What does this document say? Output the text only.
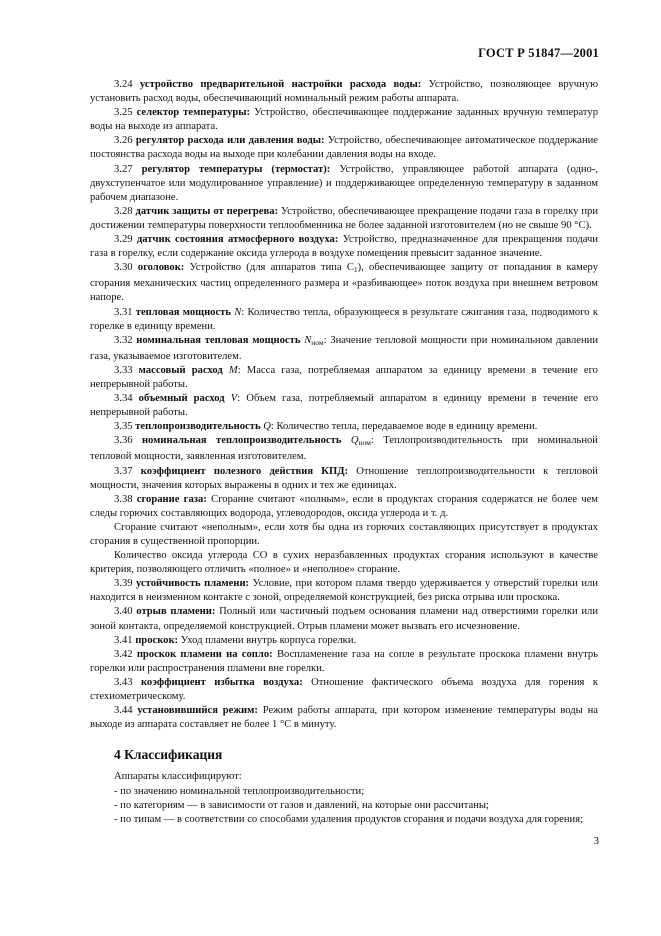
ГОСТ Р 51847—2001

3.24 устройство предварительной настройки расхода воды: Устройство, позволяющее вручную установить расход воды, обеспечивающий номинальный режим работы аппарата.

3.25 селектор температуры: Устройство, обеспечивающее поддержание заданных вручную температур воды на выходе из аппарата.

3.26 регулятор расхода или давления воды: Устройство, обеспечивающее автоматическое поддержание постоянства расхода воды на выходе при колебании давления воды на входе.

3.27 регулятор температуры (термостат): Устройство, управляющее работой аппарата (одно-, двухступенчатое или модулированное управление) и поддерживающее определенную температуру в заданном рабочем диапазоне.

3.28 датчик защиты от перегрева: Устройство, обеспечивающее прекращение подачи газа в горелку при достижении температуры поверхности теплообменника не более заданной изготовителем (но не свыше 90 °С).

3.29 датчик состояния атмосферного воздуха: Устройство, предназначенное для прекращения подачи газа в горелку, если содержание оксида углерода в воздухе помещения превысит заданное значение.

3.30 оголовок: Устройство (для аппаратов типа $С_1$), обеспечивающее защиту от попадания в камеру сгорания механических частиц определенного размера и «разбивающее» поток воздуха при внешнем ветровом напоре.

3.31 тепловая мощность N: Количество тепла, образующееся в результате сжигания газа, подводимого к горелке в единицу времени.

3.32 номинальная тепловая мощность $N_{ном}$: Значение тепловой мощности при номинальном давлении газа, указываемое изготовителем.

3.33 массовый расход M: Масса газа, потребляемая аппаратом за единицу времени в течение его непрерывной работы.

3.34 объемный расход V: Объем газа, потребляемый аппаратом в единицу времени в течение его непрерывной работы.

3.35 теплопроизводительность Q: Количество тепла, передаваемое воде в единицу времени.

3.36 номинальная теплопроизводительность $Q_{ном}$: Теплопроизводительность при номинальной тепловой мощности, заявленная изготовителем.

3.37 коэффициент полезного действия КПД: Отношение теплопроизводительности к тепловой мощности, значения которых выражены в одних и тех же единицах.

3.38 сгорание газа: Сгорание считают «полным», если в продуктах сгорания содержатся не более чем следы горючих составляющих водорода, углеводородов, оксида углерода и т. д.

Сгорание считают «неполным», если хотя бы одна из горючих составляющих присутствует в продуктах сгорания в существенной пропорции.

Количество оксида углерода СО в сухих неразбавленных продуктах сгорания используют в качестве критерия, позволяющего отличить «полное» и «неполное» сгорание.

3.39 устойчивость пламени: Условие, при котором пламя твердо удерживается у отверстий горелки или находится в неизменном контакте с зоной, определяемой конструкцией, без риска отрыва или проскока.

3.40 отрыв пламени: Полный или частичный подъем основания пламени над отверстиями горелки или зоной контакта, определяемой конструкцией. Отрыв пламени может вызвать его исчезновение.

3.41 проскок: Уход пламени внутрь корпуса горелки.

3.42 проскок пламени на сопло: Воспламенение газа на сопле в результате проскока пламени внутрь горелки или распространения пламени вне горелки.

3.43 коэффициент избытка воздуха: Отношение фактического объема воздуха для горения к стехиометрическому.

3.44 установившийся режим: Режим работы аппарата, при котором изменение температуры воды на выходе из аппарата составляет не более 1 °С в минуту.

4 Классификация

Аппараты классифицируют:

- по значению номинальной теплопроизводительности;

- по категориям — в зависимости от газов и давлений, на которые они рассчитаны;

- по типам — в соответствии со способами удаления продуктов сгорания и подачи воздуха для горения;

3
